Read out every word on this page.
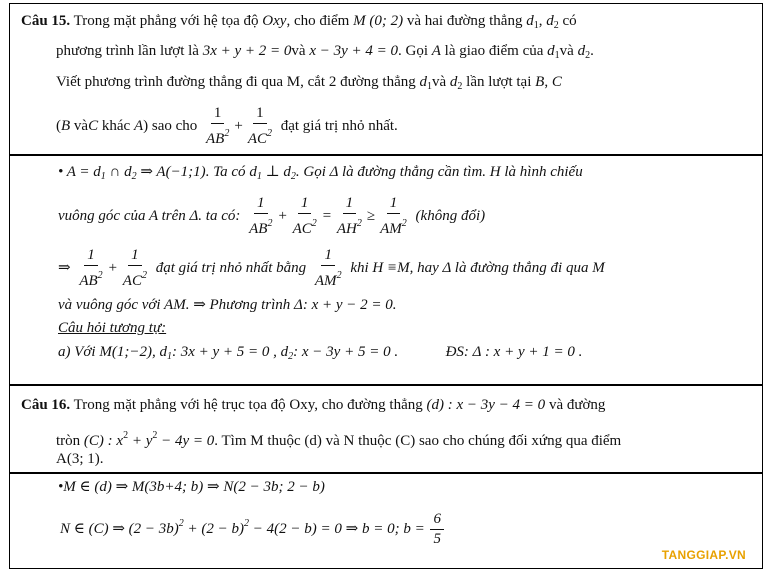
Câu 15. Trong mặt phẳng với hệ tọa độ Oxy, cho điểm M (0; 2) và hai đường thẳng $d_1$, $d_2$ có
phương trình lần lượt là 3x + y + 2 = 0và x − 3y + 4 = 0. Gọi A là giao điểm của $d_1và$ $d_2$.
Viết phương trình đường thẳng đi qua M, cắt 2 đường thẳng $d_1và$ $d_2$ lần lượt tại B, C
(B vàC khác A) sao cho $\frac{1}{AB^2} + \frac{1}{AC^2}$ đạt giá trị nhỏ nhất.
• $A = d_1$ ∩ $d_2$ ⇒ A(−1;1). Ta có $d_1$ ⊥ $d_2$. Gọi Δ là đường thẳng cần tìm. H là hình chiếu
vuông góc của A trên Δ. ta có: $\frac{1}{AB^2} + \frac{1}{AC^2} = \frac{1}{AH^2} \ge \frac{1}{AM^2}$ (không đổi)
⇒ $\frac{1}{AB^2} + \frac{1}{AC^2}$ đạt giá trị nhỏ nhất bằng $\frac{1}{AM^2}$ khi H ≡M, hay Δ là đường thẳng đi qua M
và vuông góc với AM. ⇒ Phương trình Δ: x + y − 2 = 0.
Câu hỏi tương tự:
a) Với M(1;−2), $d_1$: 3x + y + 5 = 0 , $d_2$: x − 3y + 5 = 0 .	ĐS: Δ : x + y + 1 = 0 .
Câu 16. Trong mặt phẳng với hệ trục tọa độ Oxy, cho đường thẳng (d) : x − 3y − 4 = 0 và đường
tròn (C) : $x^2 + y^2 - 4y = 0$. Tìm M thuộc (d) và N thuộc (C) sao cho chúng đối xứng qua điểm
A(3; 1).
•M ∈ (d) ⇒ M(3b+4; b) ⇒ N(2 − 3b; 2 − b)
N ∈ (C) ⇒ $(2 - 3b)^2 + (2 - b)^2 - 4(2 - b) = 0$ ⇒ b = 0; $b = \frac{6}{5}$
TANGGIAP.VN
